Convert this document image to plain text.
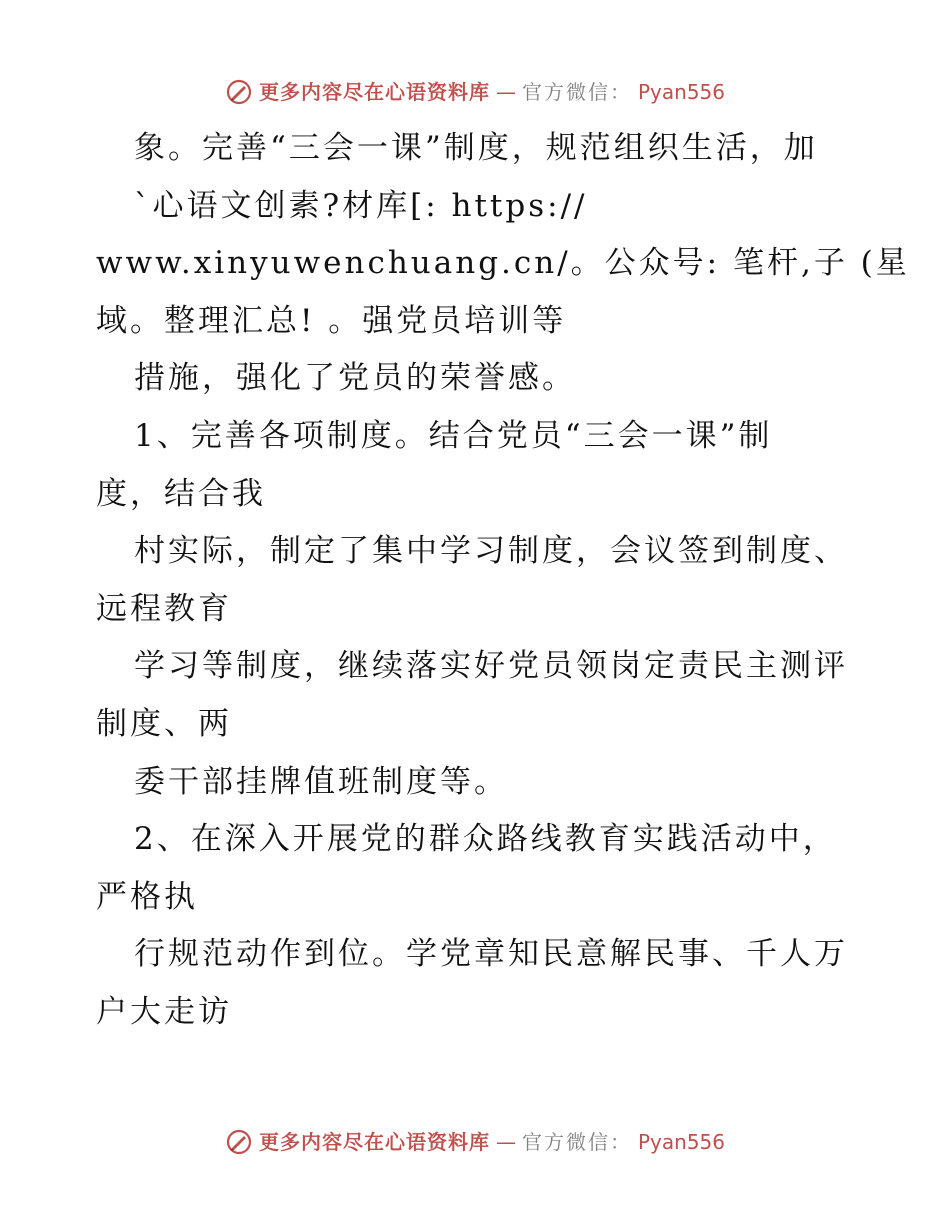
更多内容尽在心语资料库 — 官方微信： Pyan556
象。完善“三会一课”制度，规范组织生活，加
`心语文创素?材库[: https://
www.xinyuwenchuang.cn/。公众号: 笔杆,子 (星
域。整理汇总! 。强党员培训等
措施，强化了党员的荣誉感。
1、完善各项制度。结合党员“三会一课”制
度，结合我
村实际，制定了集中学习制度，会议签到制度、
远程教育
学习等制度，继续落实好党员领岗定责民主测评
制度、两
委干部挂牌值班制度等。
2、在深入开展党的群众路线教育实践活动中，
严格执
行规范动作到位。学党章知民意解民事、千人万
户大走访
更多内容尽在心语资料库 — 官方微信： Pyan556
